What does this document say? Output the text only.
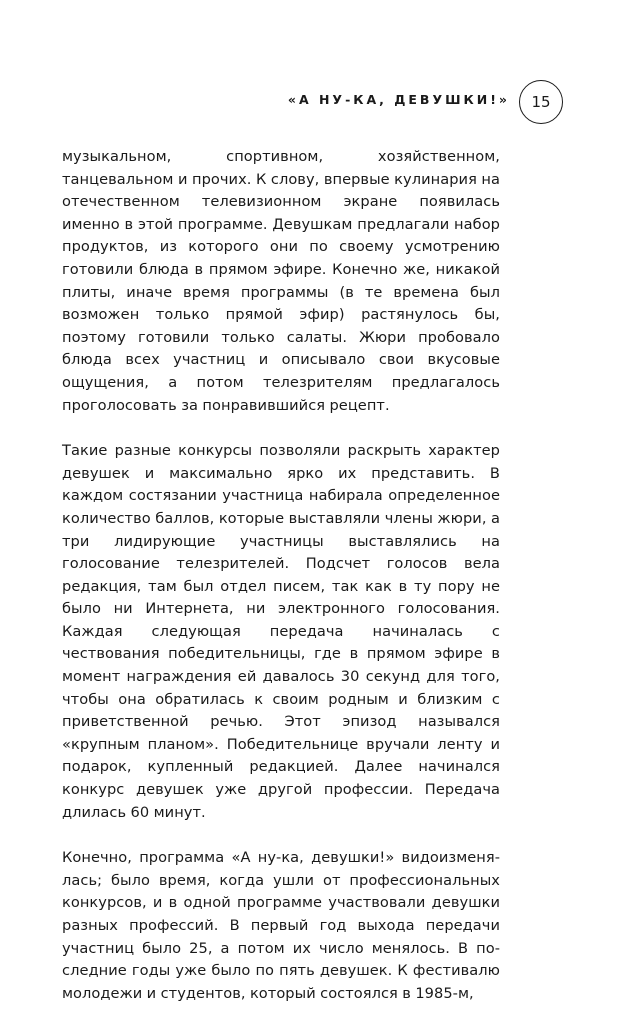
«А НУ-КА, ДЕВУШКИ!» 15

музыкальном, спортивном, хозяйственном, танцевальном и прочих. К слову, впервые кулинария на отечественном телевизионном экране появилась именно в этой программе. Девушкам предлагали набор продуктов, из которого они по своему усмотрению готовили блюда в прямом эфире. Конечно же, никакой плиты, иначе время программы (в те времена был возможен только прямой эфир) растянулось бы, поэтому готовили только салаты. Жюри пробовало блюда всех участниц и описывало свои вкусовые ощущения, а потом телезрителям предлагалось проголосовать за понравившийся рецепт.

Такие разные конкурсы позволяли раскрыть характер девушек и максимально ярко их представить. В каждом состязании участница набирала определенное количество баллов, которые выставляли члены жюри, а три лидирующие участницы выставлялись на голосование телезрителей. Подсчет голосов вела редакция, там был отдел писем, так как в ту пору не было ни Интернета, ни электронного голосования. Каждая следующая передача начиналась с чествования победительницы, где в прямом эфире в момент награждения ей давалось 30 секунд для того, чтобы она обратилась к своим родным и близким с приветственной речью. Этот эпизод назывался «крупным планом». Победительнице вручали ленту и подарок, купленный редакцией. Далее начинался конкурс девушек уже другой профессии. Передача длилась 60 минут.

Конечно, программа «А ну-ка, девушки!» видоизменялась; было время, когда ушли от профессиональных конкурсов, и в одной программе участвовали девушки разных профессий. В первый год выхода передачи участниц было 25, а потом их число менялось. В последние годы уже было по пять девушек. К фестивалю молодежи и студентов, который состоялся в 1985-м,
